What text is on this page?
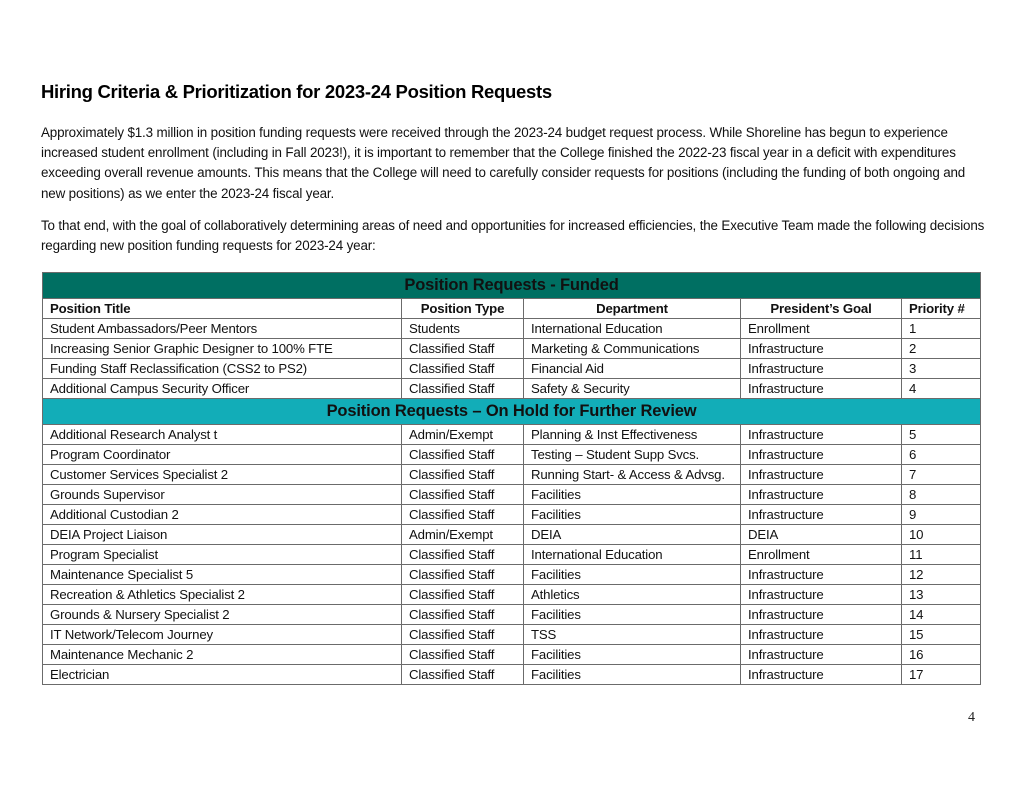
Hiring Criteria & Prioritization for 2023-24 Position Requests

Approximately $1.3 million in position funding requests were received through the 2023-24 budget request process. While Shoreline has begun to experience increased student enrollment (including in Fall 2023!), it is important to remember that the College finished the 2022-23 fiscal year in a deficit with expenditures exceeding overall revenue amounts. This means that the College will need to carefully consider requests for positions (including the funding of both ongoing and new positions) as we enter the 2023-24 fiscal year.

To that end, with the goal of collaboratively determining areas of need and opportunities for increased efficiencies, the Executive Team made the following decisions regarding new position funding requests for 2023-24 year:

Position Requests - Funded				
Position Title	Position Type	Department	President’s Goal	Priority #
Student Ambassadors/Peer Mentors	Students	International Education	Enrollment	1
Increasing Senior Graphic Designer to 100% FTE	Classified Staff	Marketing & Communications	Infrastructure	2
Funding Staff Reclassification (CSS2 to PS2)	Classified Staff	Financial Aid	Infrastructure	3
Additional Campus Security Officer	Classified Staff	Safety & Security	Infrastructure	4
Position Requests – On Hold for Further Review				
Additional Research Analyst t	Admin/Exempt	Planning & Inst Effectiveness	Infrastructure	5
Program Coordinator	Classified Staff	Testing – Student Supp Svcs.	Infrastructure	6
Customer Services Specialist 2	Classified Staff	Running Start- & Access & Advsg.	Infrastructure	7
Grounds Supervisor	Classified Staff	Facilities	Infrastructure	8
Additional Custodian 2	Classified Staff	Facilities	Infrastructure	9
DEIA Project Liaison	Admin/Exempt	DEIA	DEIA	10
Program Specialist	Classified Staff	International Education	Enrollment	11
Maintenance Specialist 5	Classified Staff	Facilities	Infrastructure	12
Recreation & Athletics Specialist 2	Classified Staff	Athletics	Infrastructure	13
Grounds & Nursery Specialist 2	Classified Staff	Facilities	Infrastructure	14
IT Network/Telecom Journey	Classified Staff	TSS	Infrastructure	15
Maintenance Mechanic 2	Classified Staff	Facilities	Infrastructure	16
Electrician	Classified Staff	Facilities	Infrastructure	17
4
